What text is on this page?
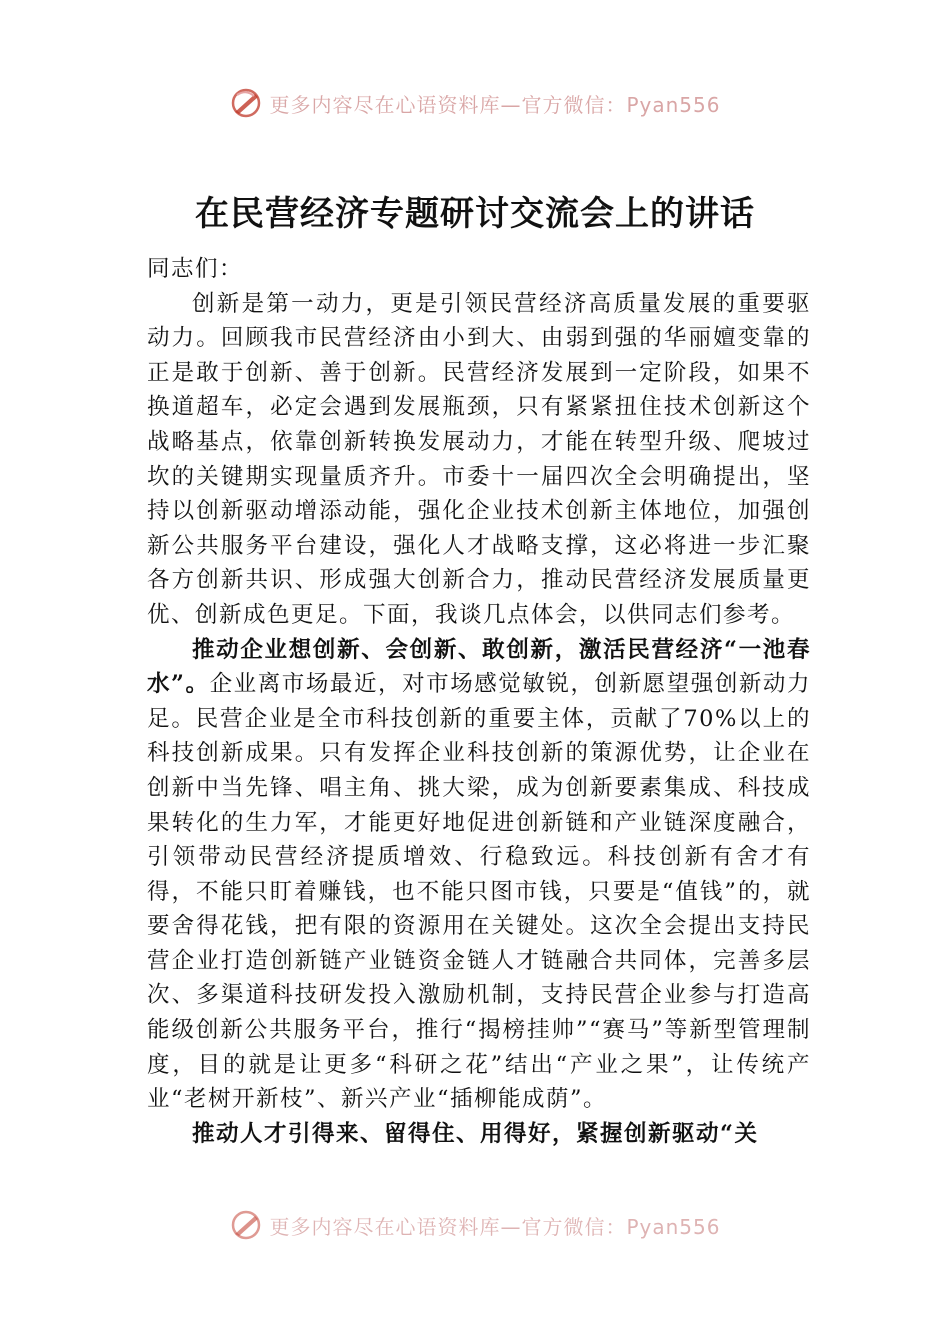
更多内容尽在心语资料库—官方微信：Pyan556
在民营经济专题研讨交流会上的讲话

同志们：

创新是第一动力，更是引领民营经济高质量发展的重要驱动力。回顾我市民营经济由小到大、由弱到强的华丽嬗变靠的正是敢于创新、善于创新。民营经济发展到一定阶段，如果不换道超车，必定会遇到发展瓶颈，只有紧紧扭住技术创新这个战略基点，依靠创新转换发展动力，才能在转型升级、爬坡过坎的关键期实现量质齐升。市委十一届四次全会明确提出，坚持以创新驱动增添动能，强化企业技术创新主体地位，加强创新公共服务平台建设，强化人才战略支撑，这必将进一步汇聚各方创新共识、形成强大创新合力，推动民营经济发展质量更优、创新成色更足。下面，我谈几点体会，以供同志们参考。

推动企业想创新、会创新、敢创新，激活民营经济“一池春水”。企业离市场最近，对市场感觉敏锐，创新愿望强创新动力足。民营企业是全市科技创新的重要主体，贡献了70%以上的科技创新成果。只有发挥企业科技创新的策源优势，让企业在创新中当先锋、唱主角、挑大梁，成为创新要素集成、科技成果转化的生力军，才能更好地促进创新链和产业链深度融合，引领带动民营经济提质增效、行稳致远。科技创新有舍才有得，不能只盯着赚钱，也不能只图市钱，只要是“值钱”的，就要舍得花钱，把有限的资源用在关键处。这次全会提出支持民营企业打造创新链产业链资金链人才链融合共同体，完善多层次、多渠道科技研发投入激励机制，支持民营企业参与打造高能级创新公共服务平台，推行“揭榜挂帅”“赛马”等新型管理制度，目的就是让更多“科研之花”结出“产业之果”，让传统产业“老树开新枝”、新兴产业“插柳能成荫”。

推动人才引得来、留得住、用得好，紧握创新驱动“关

更多内容尽在心语资料库—官方微信：Pyan556
